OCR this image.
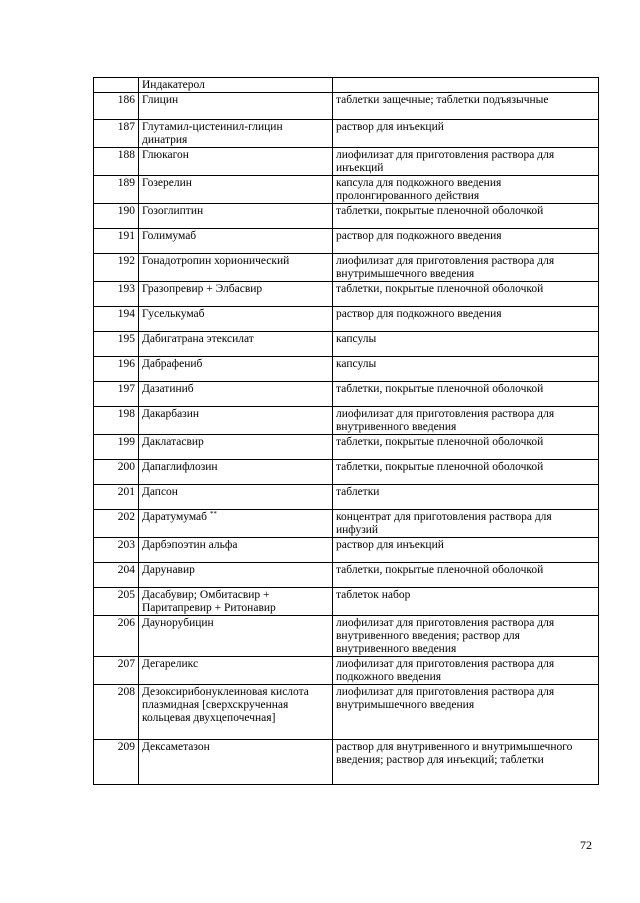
	Индакатерол	
186	Глицин	таблетки защечные; таблетки подъязычные
187	Глутамил-цистеинил-глицин динатрия	раствор для инъекций
188	Глюкагон	лиофилизат для приготовления раствора для инъекций
189	Гозерелин	капсула для подкожного введения пролонгированного действия
190	Гозоглиптин	таблетки, покрытые пленочной оболочкой
191	Голимумаб	раствор для подкожного введения
192	Гонадотропин хорионический	лиофилизат для приготовления раствора для внутримышечного введения
193	Гразопревир + Элбасвир	таблетки, покрытые пленочной оболочкой
194	Гуселькумаб	раствор для подкожного введения
195	Дабигатрана этексилат	капсулы
196	Дабрафениб	капсулы
197	Дазатиниб	таблетки, покрытые пленочной оболочкой
198	Дакарбазин	лиофилизат для приготовления раствора для внутривенного введения
199	Даклатасвир	таблетки, покрытые пленочной оболочкой
200	Дапаглифлозин	таблетки, покрытые пленочной оболочкой
201	Дапсон	таблетки
202	Даратумумаб **	концентрат для приготовления раствора для инфузий
203	Дарбэпоэтин альфа	раствор для инъекций
204	Дарунавир	таблетки, покрытые пленочной оболочкой
205	Дасабувир; Омбитасвир + Паритапревир + Ритонавир	таблеток набор
206	Даунорубицин	лиофилизат для приготовления раствора для внутривенного введения; раствор для внутривенного введения
207	Дегареликс	лиофилизат для приготовления раствора для подкожного введения
208	Дезоксирибонуклеиновая кислота плазмидная [сверхскрученная кольцевая двухцепочечная]	лиофилизат для приготовления раствора для внутримышечного введения
209	Дексаметазон	раствор для внутривенного и внутримышечного введения; раствор для инъекций; таблетки
72
